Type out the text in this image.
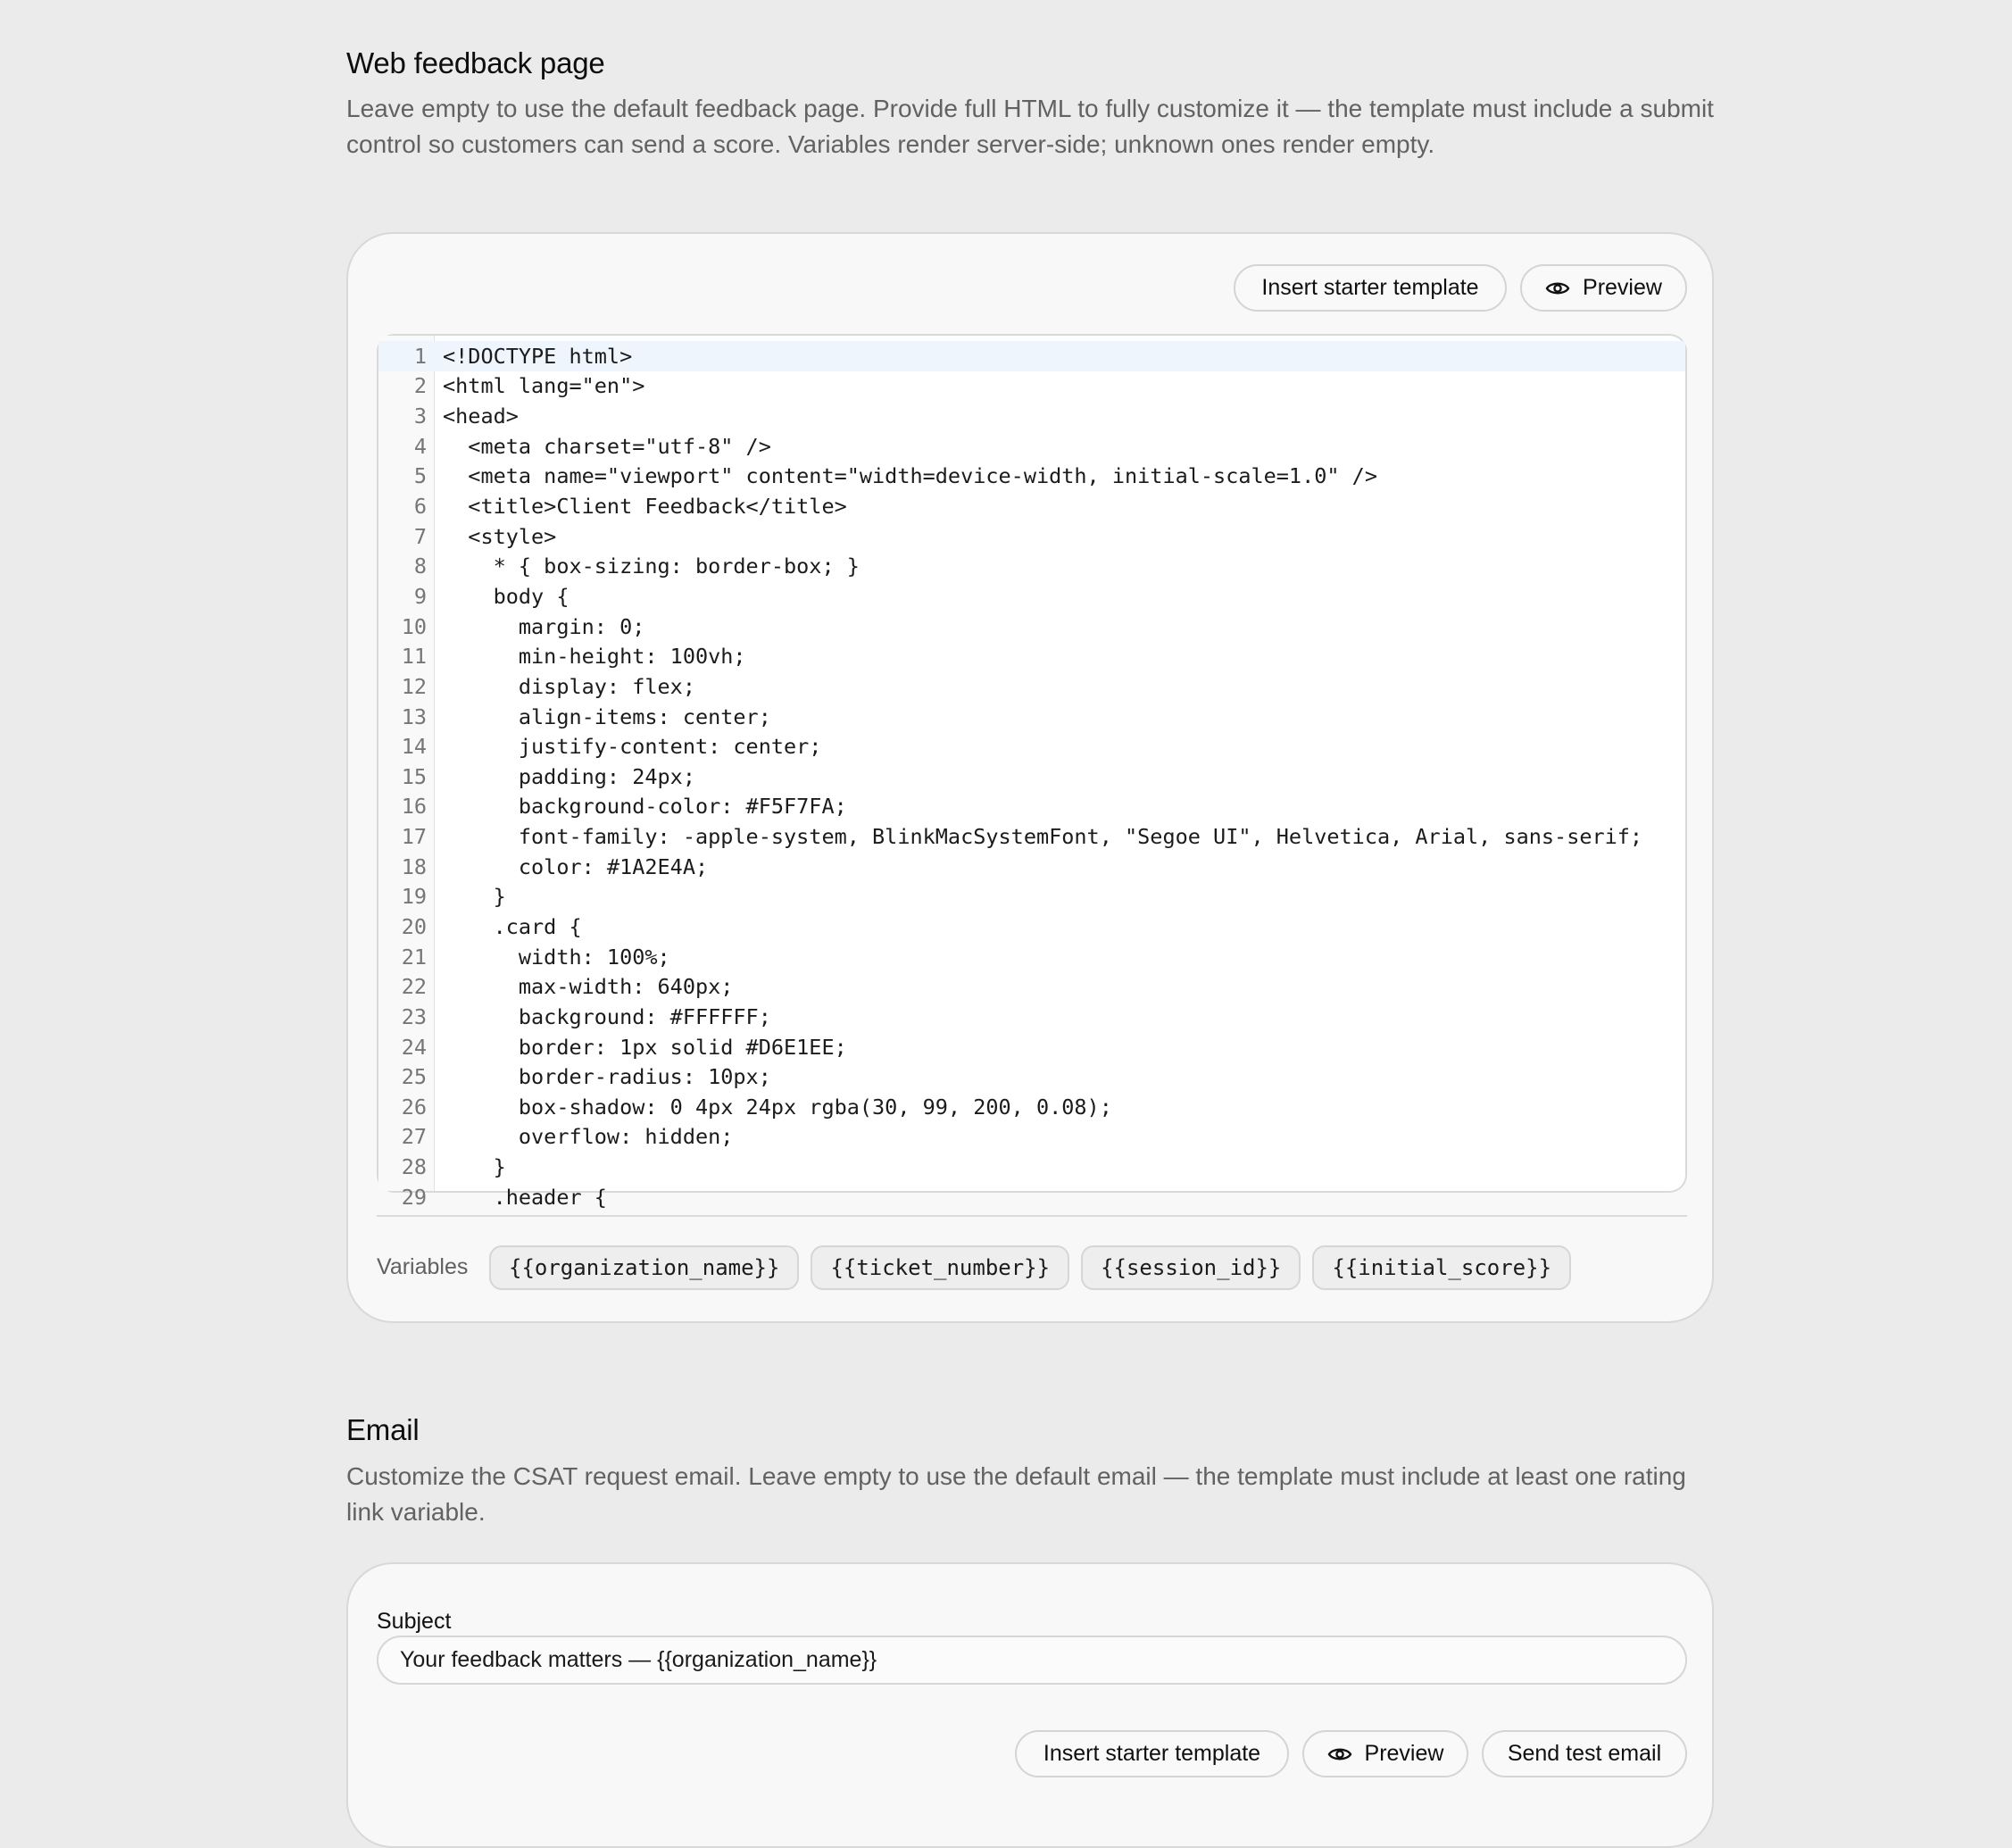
Web feedback page

Leave empty to use the default feedback page. Provide full HTML to fully customize it — the template must include a submit control so customers can send a score. Variables render server-side; unknown ones render empty.

Insert starter template	Preview
1 <!DOCTYPE html>
2 <html lang="en">
3 <head>
4 <meta charset="utf-8" />
5 <meta name="viewport" content="width=device-width, initial-scale=1.0" />
6 <title>Client Feedback</title>
7 <style>
8 * { box-sizing: border-box; }
9 body {
10 margin: 0;
11 min-height: 100vh;
12 display: flex;
13 align-items: center;
14 justify-content: center;
15 padding: 24px;
16 background-color: #F5F7FA;
17 font-family: -apple-system, BlinkMacSystemFont, "Segoe UI", Helvetica, Arial, sans-serif;
18 color: #1A2E4A;
19 }
20 .card {
21 width: 100%;
22 max-width: 640px;
23 background: #FFFFFF;
24 border: 1px solid #D6E1EE;
25 border-radius: 10px;
26 box-shadow: 0 4px 24px rgba(30, 99, 200, 0.08);
27 overflow: hidden;
28 }
29 .header {
Variables	{{organization_name}}	{{ticket_number}}	{{session_id}}	{{initial_score}}
Email

Customize the CSAT request email. Leave empty to use the default email — the template must include at least one rating link variable.

Subject
Your feedback matters — {{organization_name}}
Insert starter template	Preview	Send test email
